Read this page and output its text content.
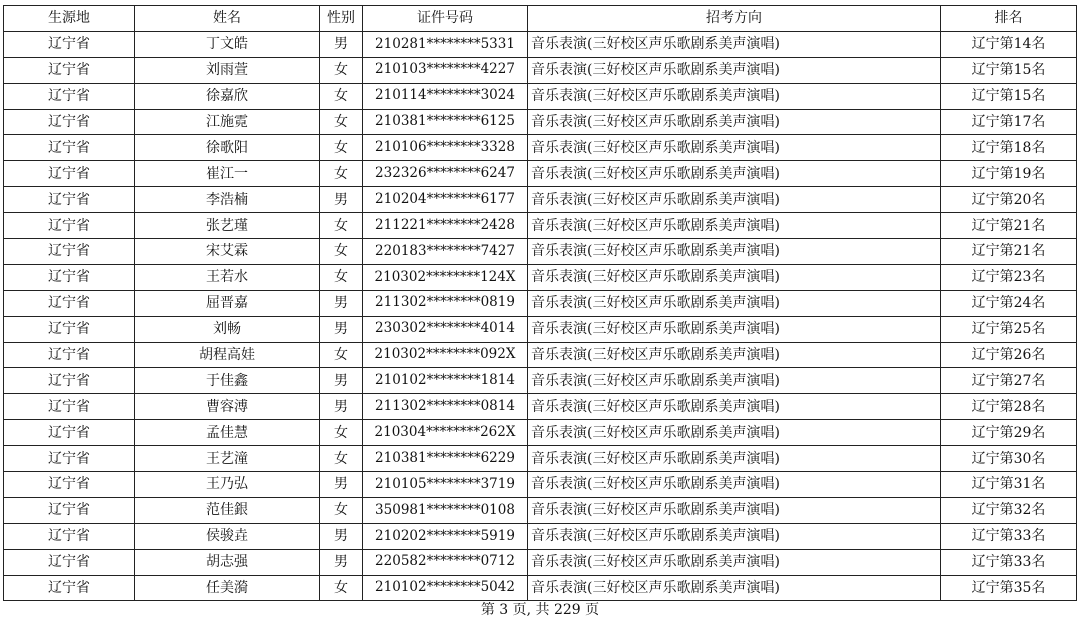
生源地	姓名	性别	证件号码	招考方向	排名
辽宁省	丁文皓	男	210281********5331	音乐表演(三好校区声乐歌剧系美声演唱)	辽宁第14名
辽宁省	刘雨萱	女	210103********4227	音乐表演(三好校区声乐歌剧系美声演唱)	辽宁第15名
辽宁省	徐嘉欣	女	210114********3024	音乐表演(三好校区声乐歌剧系美声演唱)	辽宁第15名
辽宁省	江施霓	女	210381********6125	音乐表演(三好校区声乐歌剧系美声演唱)	辽宁第17名
辽宁省	徐歌阳	女	210106********3328	音乐表演(三好校区声乐歌剧系美声演唱)	辽宁第18名
辽宁省	崔江一	女	232326********6247	音乐表演(三好校区声乐歌剧系美声演唱)	辽宁第19名
辽宁省	李浩楠	男	210204********6177	音乐表演(三好校区声乐歌剧系美声演唱)	辽宁第20名
辽宁省	张艺瑾	女	211221********2428	音乐表演(三好校区声乐歌剧系美声演唱)	辽宁第21名
辽宁省	宋艾霖	女	220183********7427	音乐表演(三好校区声乐歌剧系美声演唱)	辽宁第21名
辽宁省	王若水	女	210302********124X	音乐表演(三好校区声乐歌剧系美声演唱)	辽宁第23名
辽宁省	屈晋嘉	男	211302********0819	音乐表演(三好校区声乐歌剧系美声演唱)	辽宁第24名
辽宁省	刘畅	男	230302********4014	音乐表演(三好校区声乐歌剧系美声演唱)	辽宁第25名
辽宁省	胡程高娃	女	210302********092X	音乐表演(三好校区声乐歌剧系美声演唱)	辽宁第26名
辽宁省	于佳鑫	男	210102********1814	音乐表演(三好校区声乐歌剧系美声演唱)	辽宁第27名
辽宁省	曹容溥	男	211302********0814	音乐表演(三好校区声乐歌剧系美声演唱)	辽宁第28名
辽宁省	孟佳慧	女	210304********262X	音乐表演(三好校区声乐歌剧系美声演唱)	辽宁第29名
辽宁省	王艺潼	女	210381********6229	音乐表演(三好校区声乐歌剧系美声演唱)	辽宁第30名
辽宁省	王乃弘	男	210105********3719	音乐表演(三好校区声乐歌剧系美声演唱)	辽宁第31名
辽宁省	范佳銀	女	350981********0108	音乐表演(三好校区声乐歌剧系美声演唱)	辽宁第32名
辽宁省	侯骏垚	男	210202********5919	音乐表演(三好校区声乐歌剧系美声演唱)	辽宁第33名
辽宁省	胡志强	男	220582********0712	音乐表演(三好校区声乐歌剧系美声演唱)	辽宁第33名
辽宁省	任美漪	女	210102********5042	音乐表演(三好校区声乐歌剧系美声演唱)	辽宁第35名
第 3 页, 共 229 页
